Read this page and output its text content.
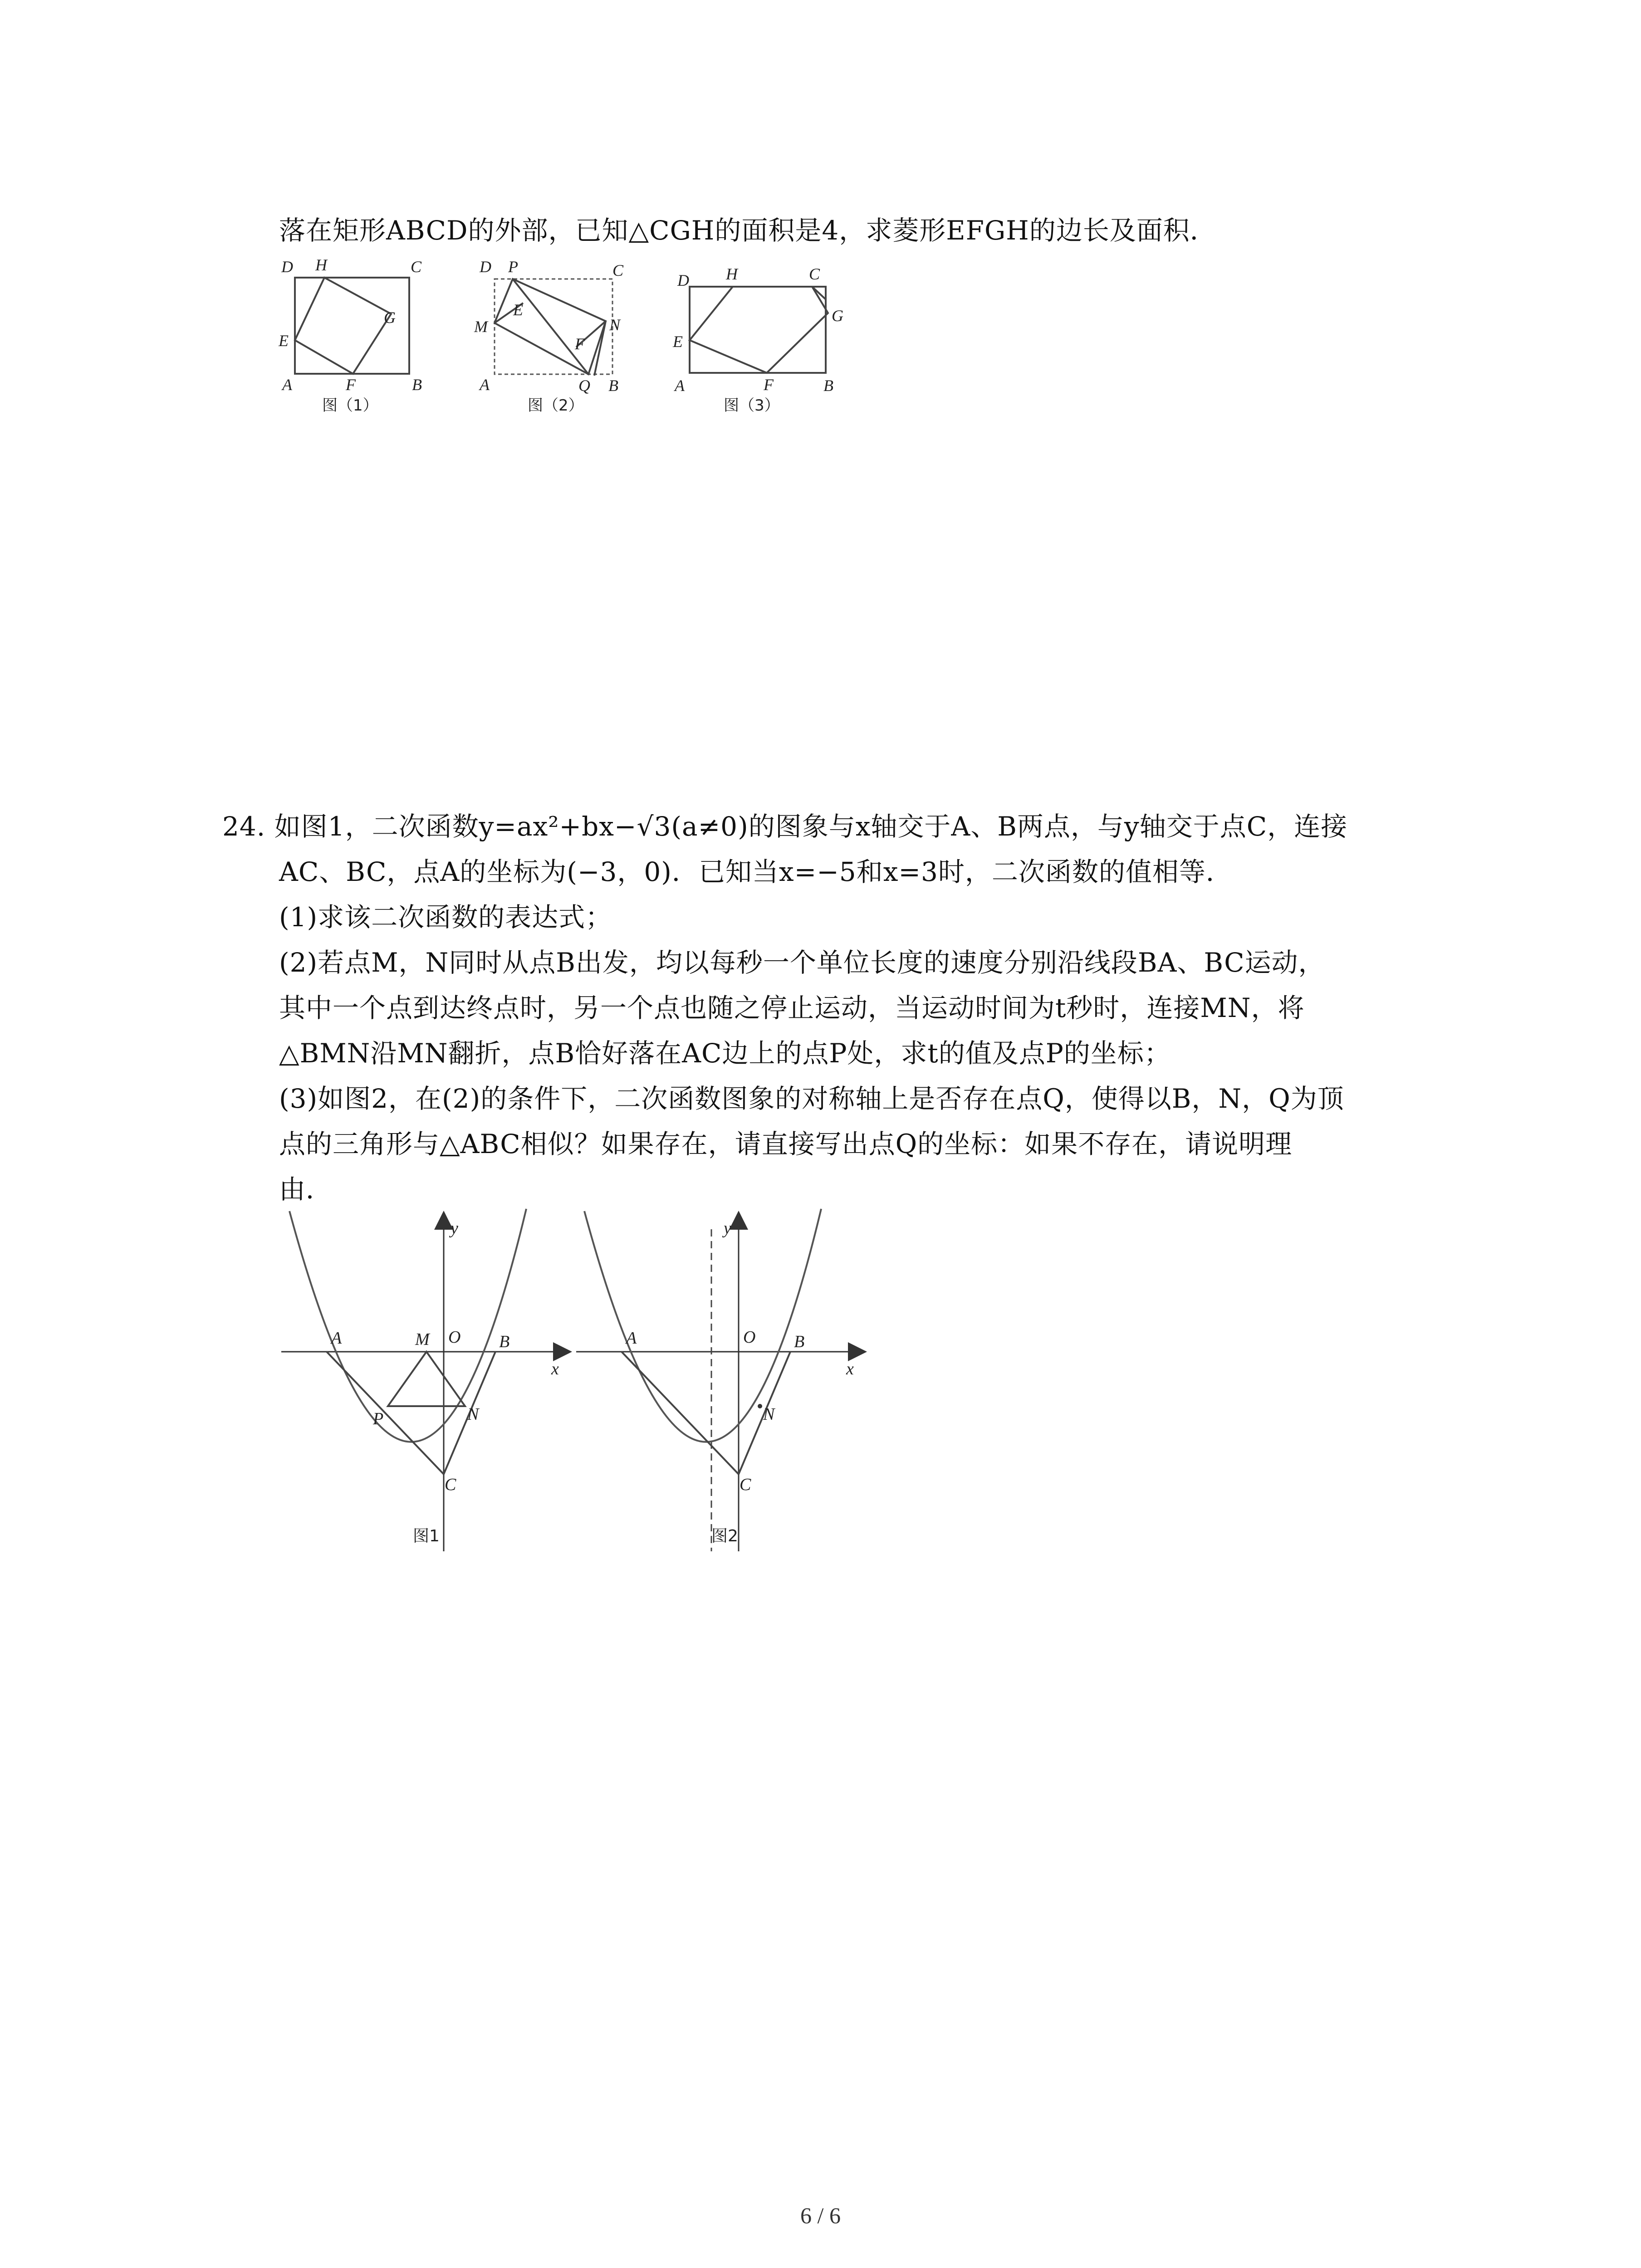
落在矩形ABCD的外部，已知△CGH的面积是4，求菱形EFGH的边长及面积．
D H	C
G
E
A	F	B
图（1）
D P	C
M
E
N
F
A	Q B
图（2）
D H	C
G
E
A	F	B
图（3）
24. 如图1，二次函数y=ax²+bx−√3(a≠0)的图象与x轴交于A、B两点，与y轴交于点C，连接
AC、BC，点A的坐标为(−3，0)．已知当x=−5和x=3时，二次函数的值相等．
(1)求该二次函数的表达式；
(2)若点M，N同时从点B出发，均以每秒一个单位长度的速度分别沿线段BA、BC运动，
其中一个点到达终点时，另一个点也随之停止运动，当运动时间为t秒时，连接MN，将
△BMN沿MN翻折，点B恰好落在AC边上的点P处，求t的值及点P的坐标；
(3)如图2，在(2)的条件下，二次函数图象的对称轴上是否存在点Q，使得以B，N，Q为顶
点的三角形与△ABC相似？如果存在，请直接写出点Q的坐标：如果不存在，请说明理
由．
y
x
A	M O B
P	N
C
图1
y
x
A	O B
N
C
图2
6 / 6
